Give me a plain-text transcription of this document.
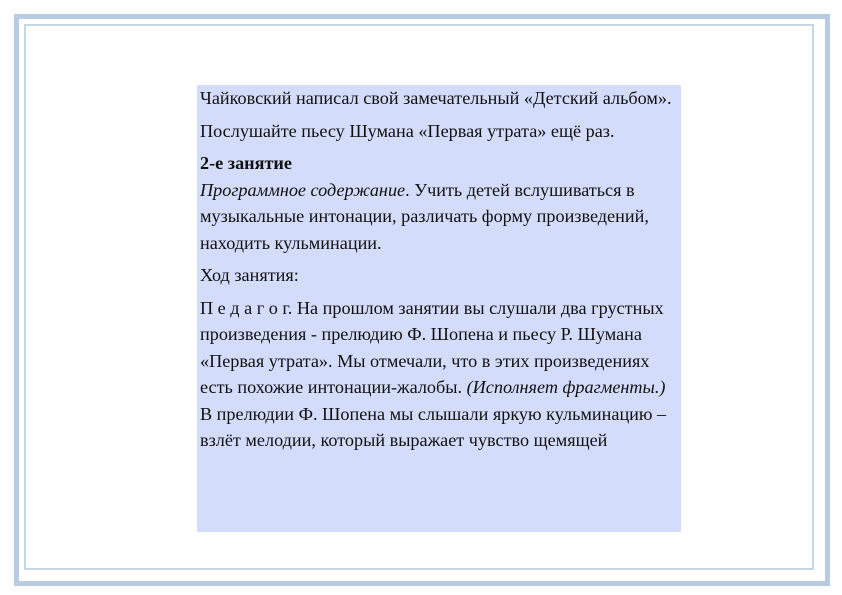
Чайковский написал свой замечательный «Детский альбом».

Послушайте пьесу Шумана «Первая утрата» ещё раз.

2-е занятие
Программное содержание. Учить детей вслушиваться в музыкальные интонации, различать форму произведений, находить кульминации.

Ход занятия:

П е д а г о г. На прошлом занятии вы слушали два грустных произведения - прелюдию Ф. Шопена и пьесу Р. Шумана «Первая утрата». Мы отмечали, что в этих произведениях есть похожие интонации-жалобы. (Исполняет фрагменты.) В прелюдии Ф. Шопена мы слышали яркую кульминацию – взлёт мелодии, который выражает чувство щемящей
